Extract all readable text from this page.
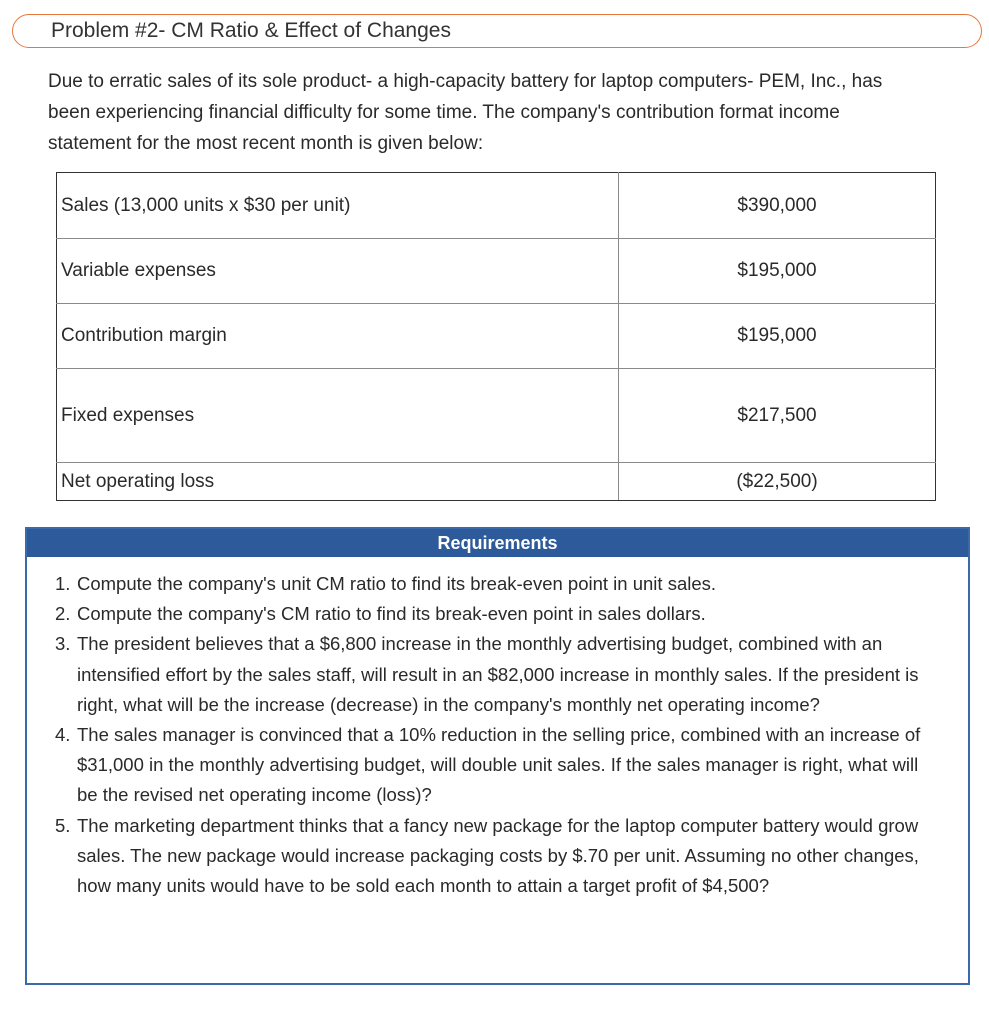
Problem #2- CM Ratio & Effect of Changes
Due to erratic sales of its sole product- a high-capacity battery for laptop computers- PEM, Inc., has been experiencing financial difficulty for some time. The company's contribution format income statement for the most recent month is given below:
Sales (13,000 units x $30 per unit)	$390,000
Variable expenses	$195,000
Contribution margin	$195,000
Fixed expenses	$217,500
Net operating loss	($22,500)
Requirements
1. Compute the company's unit CM ratio to find its break-even point in unit sales.
2. Compute the company's CM ratio to find its break-even point in sales dollars.
3. The president believes that a $6,800 increase in the monthly advertising budget, combined with an intensified effort by the sales staff, will result in an $82,000 increase in monthly sales. If the president is right, what will be the increase (decrease) in the company's monthly net operating income?
4. The sales manager is convinced that a 10% reduction in the selling price, combined with an increase of $31,000 in the monthly advertising budget, will double unit sales. If the sales manager is right, what will be the revised net operating income (loss)?
5. The marketing department thinks that a fancy new package for the laptop computer battery would grow sales. The new package would increase packaging costs by $.70 per unit. Assuming no other changes, how many units would have to be sold each month to attain a target profit of $4,500?
